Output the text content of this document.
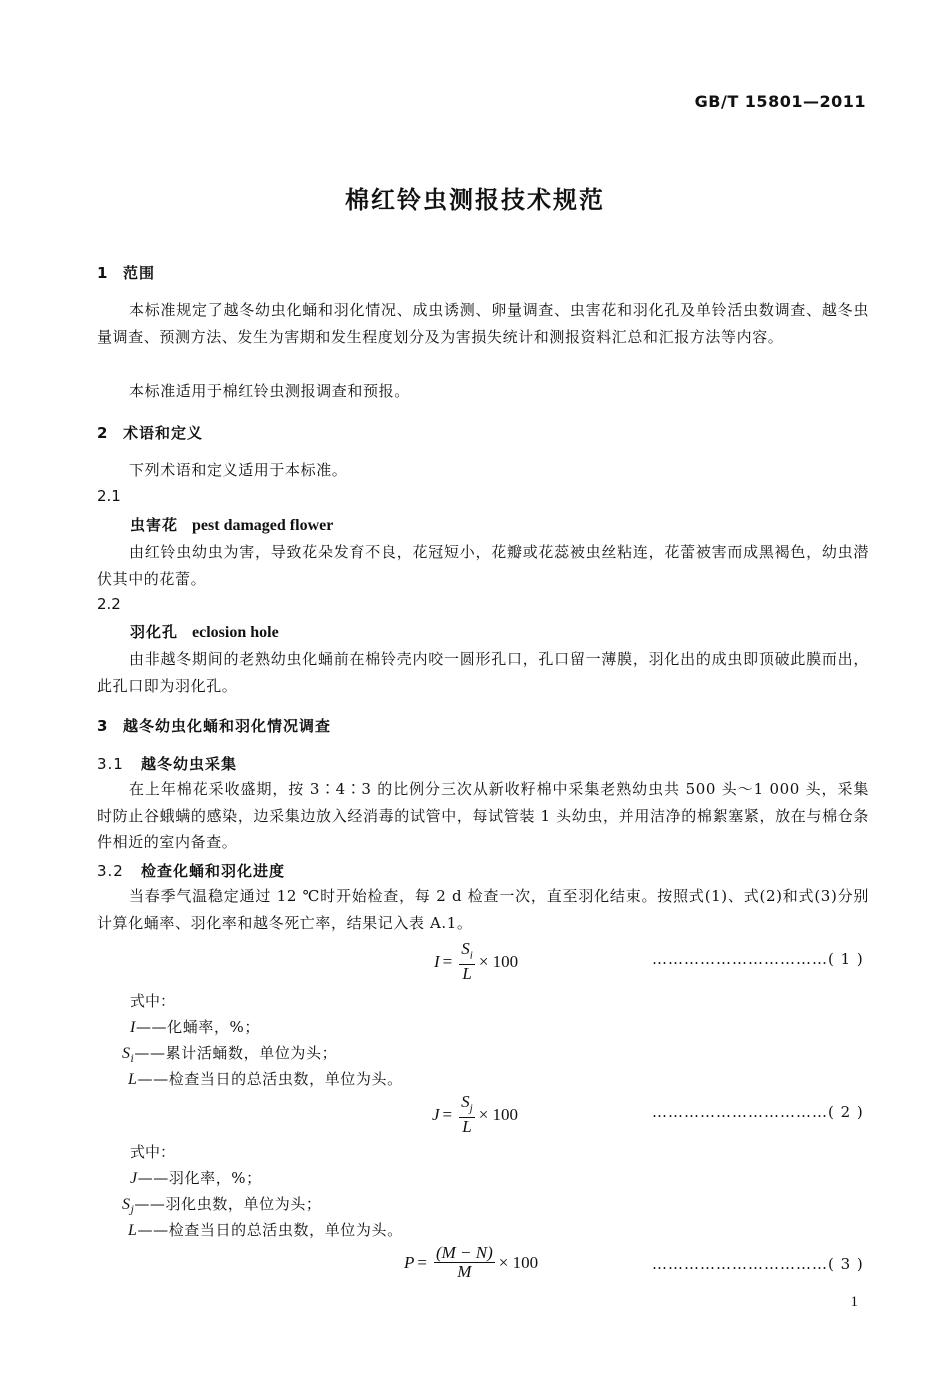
GB/T 15801—2011
棉红铃虫测报技术规范
1 范围
本标准规定了越冬幼虫化蛹和羽化情况、成虫诱测、卵量调查、虫害花和羽化孔及单铃活虫数调查、越冬虫量调查、预测方法、发生为害期和发生程度划分及为害损失统计和测报资料汇总和汇报方法等内容。
本标准适用于棉红铃虫测报调查和预报。
2 术语和定义
下列术语和定义适用于本标准。
2.1
虫害花 pest damaged flower
由红铃虫幼虫为害，导致花朵发育不良，花冠短小，花瓣或花蕊被虫丝粘连，花蕾被害而成黑褐色，幼虫潜伏其中的花蕾。
2.2
羽化孔 eclosion hole
由非越冬期间的老熟幼虫化蛹前在棉铃壳内咬一圆形孔口，孔口留一薄膜，羽化出的成虫即顶破此膜而出，此孔口即为羽化孔。
3 越冬幼虫化蛹和羽化情况调查
3.1 越冬幼虫采集
在上年棉花采收盛期，按 3∶4∶3 的比例分三次从新收籽棉中采集老熟幼虫共 500 头～1 000 头，采集时防止谷蛾螨的感染，边采集边放入经消毒的试管中，每试管装 1 头幼虫，并用洁净的棉絮塞紧，放在与棉仓条件相近的室内备查。
3.2 检查化蛹和羽化进度
当春季气温稳定通过 12 ℃时开始检查，每 2 d 检查一次，直至羽化结束。按照式(1)、式(2)和式(3)分别计算化蛹率、羽化率和越冬死亡率，结果记入表 A.1。
$I = \frac{S_i}{L} \times 100$	……………………………( 1 )
式中：
I——化蛹率，%；
$S_i——$累计活蛹数，单位为头；
L——检查当日的总活虫数，单位为头。
$J = \frac{S_j}{L} \times 100$	……………………………( 2 )
式中：
J——羽化率，%；
$S_j——$羽化虫数，单位为头；
L——检查当日的总活虫数，单位为头。
$P = \frac{(M - N)}{M} \times 100$	……………………………( 3 )
1
